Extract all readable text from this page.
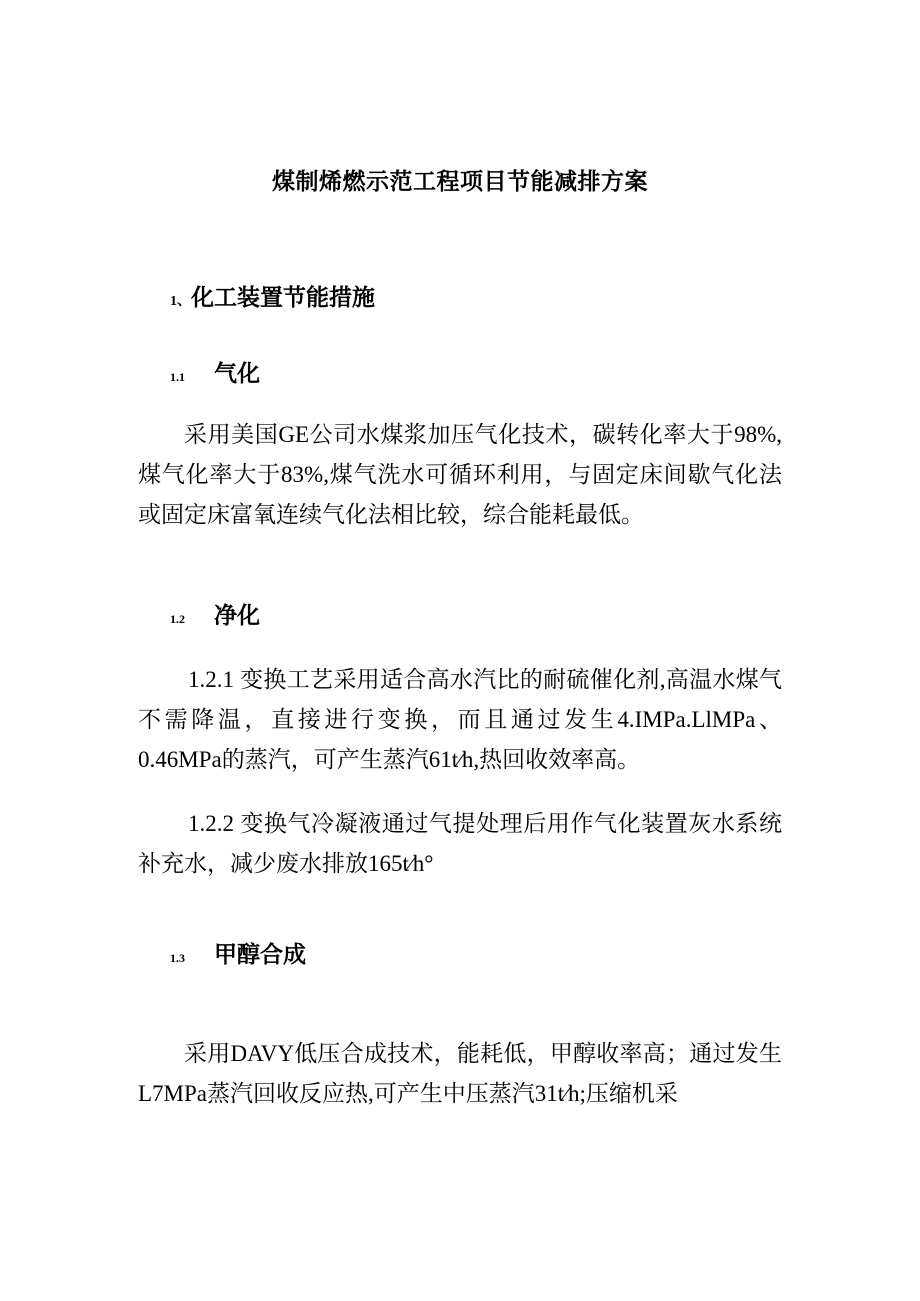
煤制烯燃示范工程项目节能减排方案
1、化工装置节能措施
1.1 气化
采用美国GE公司水煤浆加压气化技术，碳转化率大于98%,煤气化率大于83%,煤气洗水可循环利用，与固定床间歇气化法或固定床富氧连续气化法相比较，综合能耗最低。
1.2 净化
1.2.1 变换工艺采用适合高水汽比的耐硫催化剂,高温水煤气不需降温，直接进行变换，而且通过发生4.IMPa.LlMPa、0.46MPa的蒸汽，可产生蒸汽61t∕h,热回收效率高。
1.2.2 变换气冷凝液通过气提处理后用作气化装置灰水系统补充水，减少废水排放165t∕h°
1.3 甲醇合成
采用DAVY低压合成技术，能耗低，甲醇收率高；通过发生L7MPa蒸汽回收反应热,可产生中压蒸汽31t∕h;压缩机采
